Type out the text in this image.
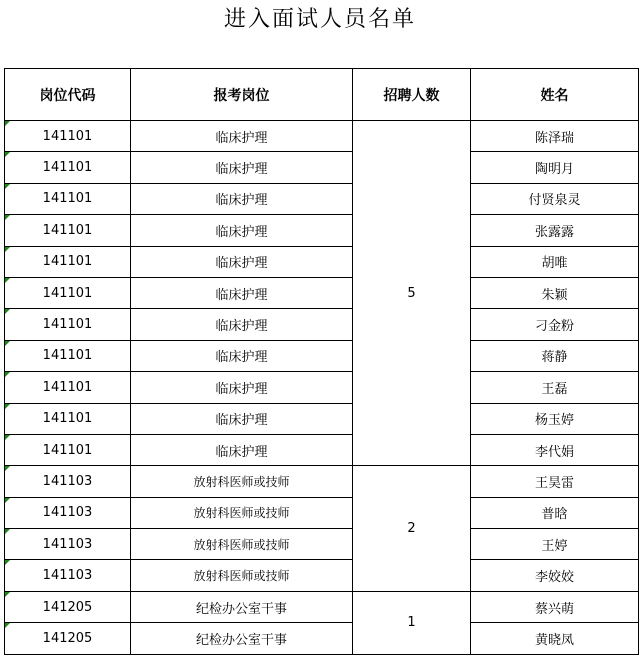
进入面试人员名单
岗位代码	报考岗位	招聘人数	姓名

141101	临床护理	5	陈泽瑞

141101	临床护理		陶明月

141101	临床护理		付贤泉灵

141101	临床护理		张露露

141101	临床护理		胡唯

141101	临床护理		朱颖

141101	临床护理		刁金粉

141101	临床护理		蒋静

141101	临床护理		王磊

141101	临床护理		杨玉婷

141101	临床护理		李代娟

141103	放射科医师或技师	2	王昊雷

141103	放射科医师或技师		普晗

141103	放射科医师或技师		王婷

141103	放射科医师或技师		李姣姣

141205	纪检办公室干事	1	蔡兴萌

141205	纪检办公室干事		黄晓凤
